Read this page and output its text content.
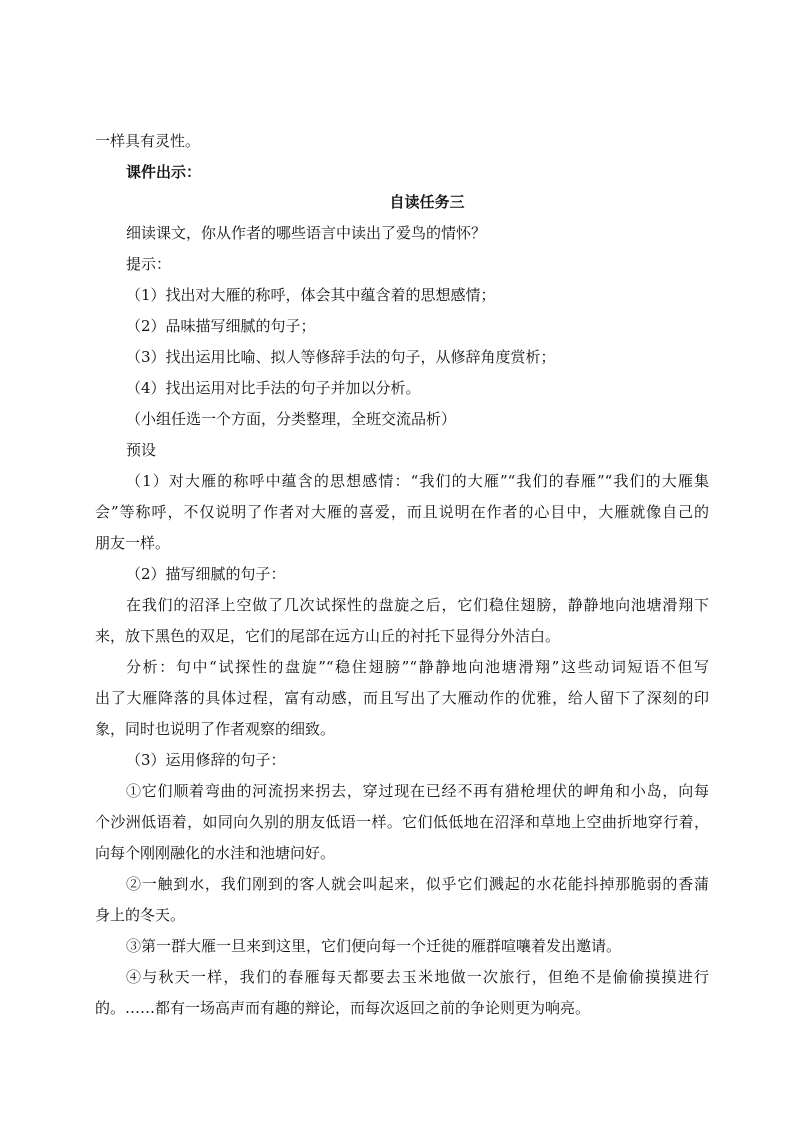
一样具有灵性。
课件出示：
自读任务三
细读课文，你从作者的哪些语言中读出了爱鸟的情怀？
提示：
（1）找出对大雁的称呼，体会其中蕴含着的思想感情；
（2）品味描写细腻的句子；
（3）找出运用比喻、拟人等修辞手法的句子，从修辞角度赏析；
（4）找出运用对比手法的句子并加以分析。
（小组任选一个方面，分类整理，全班交流品析）
预设
（1）对大雁的称呼中蕴含的思想感情：“我们的大雁”“我们的春雁”“我们的大雁集
会”等称呼，不仅说明了作者对大雁的喜爱，而且说明在作者的心目中，大雁就像自己的
朋友一样。
（2）描写细腻的句子：
在我们的沼泽上空做了几次试探性的盘旋之后，它们稳住翅膀，静静地向池塘滑翔下
来，放下黑色的双足，它们的尾部在远方山丘的衬托下显得分外洁白。
分析：句中“试探性的盘旋”“稳住翅膀”“静静地向池塘滑翔”这些动词短语不但写
出了大雁降落的具体过程，富有动感，而且写出了大雁动作的优雅，给人留下了深刻的印
象，同时也说明了作者观察的细致。
（3）运用修辞的句子：
①它们顺着弯曲的河流拐来拐去，穿过现在已经不再有猎枪埋伏的岬角和小岛，向每
个沙洲低语着，如同向久别的朋友低语一样。它们低低地在沼泽和草地上空曲折地穿行着，
向每个刚刚融化的水洼和池塘问好。
②一触到水，我们刚到的客人就会叫起来，似乎它们溅起的水花能抖掉那脆弱的香蒲
身上的冬天。
③第一群大雁一旦来到这里，它们便向每一个迁徙的雁群喧嚷着发出邀请。
④与秋天一样，我们的春雁每天都要去玉米地做一次旅行，但绝不是偷偷摸摸进行
的。……都有一场高声而有趣的辩论，而每次返回之前的争论则更为响亮。
